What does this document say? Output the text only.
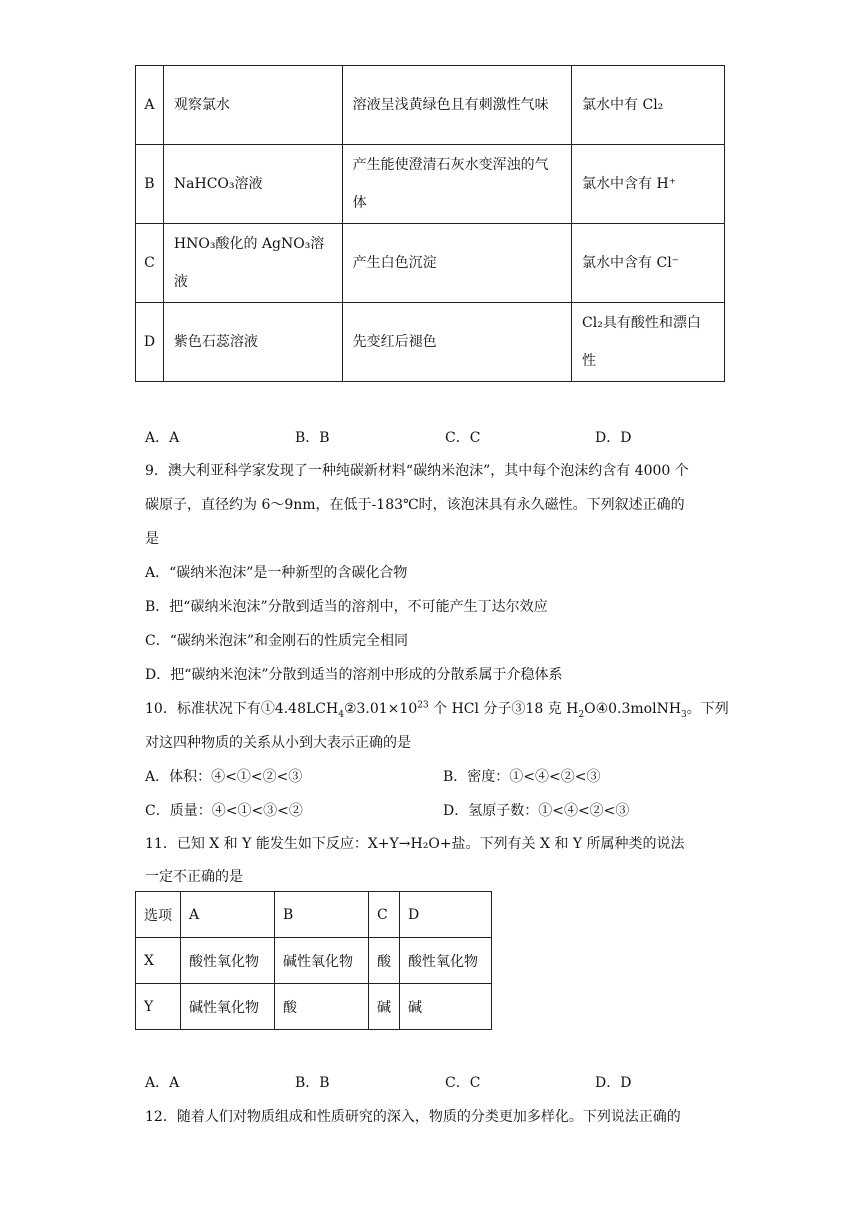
A	观察氯水	溶液呈浅黄绿色且有刺激性气味	氯水中有 Cl₂
B	NaHCO₃溶液	产生能使澄清石灰水变浑浊的气体	氯水中含有 H⁺
C	HNO₃酸化的 AgNO₃溶液	产生白色沉淀	氯水中含有 Cl⁻
D	紫色石蕊溶液	先变红后褪色	Cl₂具有酸性和漂白性
A．A	B．B	C．C	D．D
9．澳大利亚科学家发现了一种纯碳新材料“碳纳米泡沫”，其中每个泡沫约含有 4000 个
碳原子，直径约为 6～9nm，在低于-183℃时，该泡沫具有永久磁性。下列叙述正确的
是
A．“碳纳米泡沫”是一种新型的含碳化合物
B．把“碳纳米泡沫”分散到适当的溶剂中，不可能产生丁达尔效应
C．“碳纳米泡沫”和金刚石的性质完全相同
D．把“碳纳米泡沫”分散到适当的溶剂中形成的分散系属于介稳体系
10．标准状况下有$①4.48LCH_4②3.01\times 10^{23}$ 个 HCl 分子③18 克 $H_2O④0.3molNH_3$。下列
对这四种物质的关系从小到大表示正确的是
A．体积：④<①<②<③	B．密度：①<④<②<③
C．质量：④<①<③<②	D．氢原子数：①<④<②<③
11．已知 X 和 Y 能发生如下反应：X+Y→H₂O+盐。下列有关 X 和 Y 所属种类的说法
一定不正确的是
选项	A	B	C	D
X	酸性氧化物	碱性氧化物	酸	酸性氧化物
Y	碱性氧化物	酸	碱	碱
A．A	B．B	C．C	D．D
12．随着人们对物质组成和性质研究的深入，物质的分类更加多样化。下列说法正确的
